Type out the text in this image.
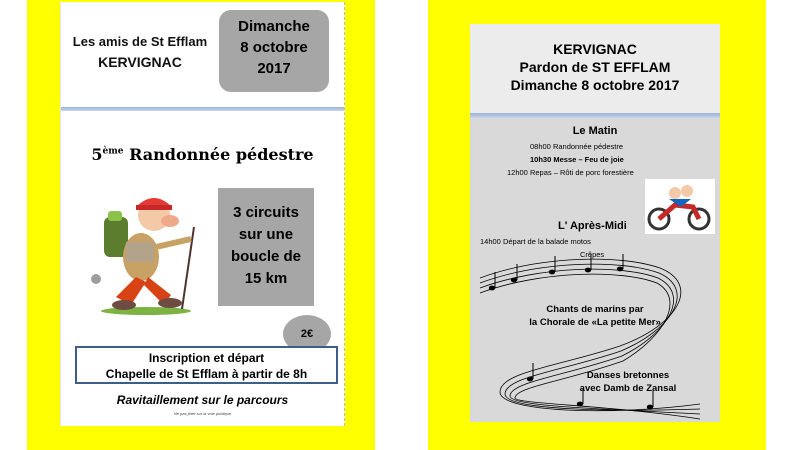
Les amis de St Efflam
KERVIGNAC
Dimanche
8 octobre
2017
5ème Randonnée pédestre
3 circuits
sur une
boucle de
15 km
2€
Inscription et départ
Chapelle de St Efflam à partir de 8h
Ravitaillement sur le parcours
Ne pas jeter sur la voie publique
KERVIGNAC
Pardon de ST EFFLAM
Dimanche 8 octobre 2017
Le Matin
08h00 Randonnée pédestre
10h30 Messe – Feu de joie
12h00 Repas – Rôti de porc forestière
L' Après-Midi
14h00 Départ de la balade motos
Crêpes
Chants de marins par
la Chorale de «La petite Mer»
Danses bretonnes
avec Damb de Zansal
